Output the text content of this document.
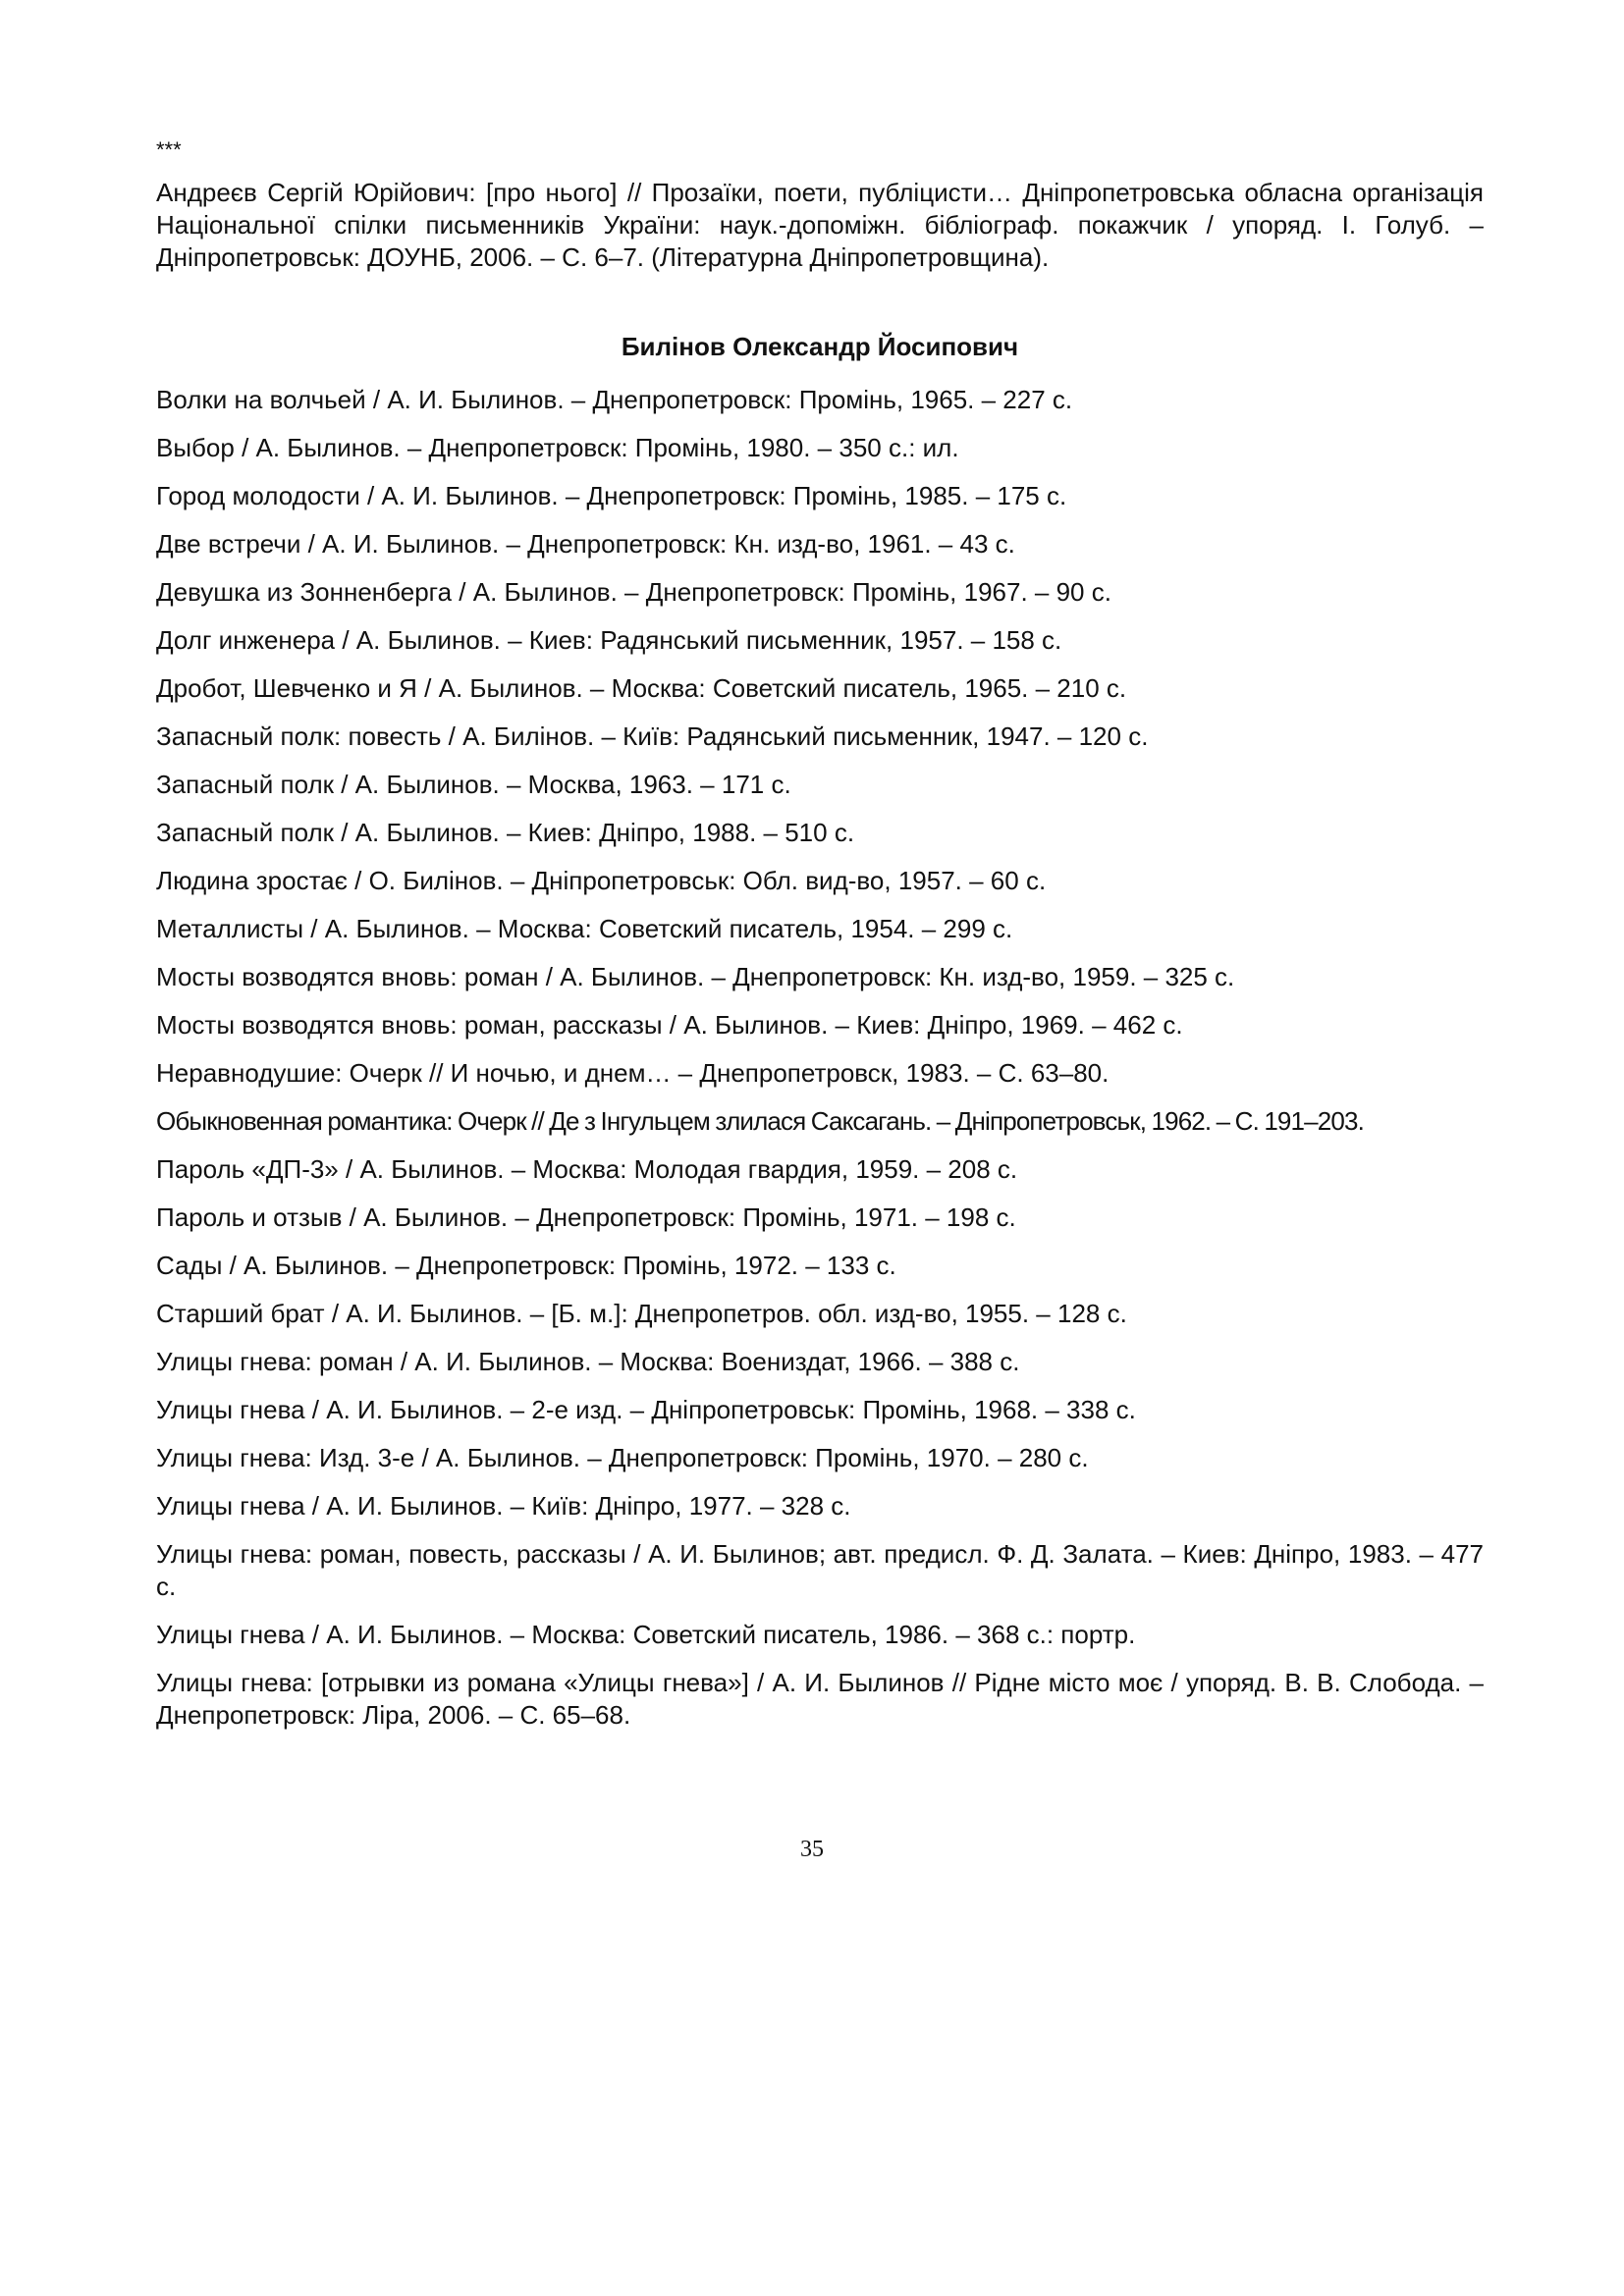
***

Андреєв Сергій Юрійович: [про нього] // Прозаїки, поети, публіцисти… Дніпропетровська обласна організація Національної спілки письменників України: наук.-допоміжн. бібліограф. покажчик / упоряд. І. Голуб. – Дніпропетровськ: ДОУНБ, 2006. – С. 6–7. (Літературна Дніпропетровщина).

Билінов Олександр Йосипович

Волки на волчьей / А. И. Былинов. – Днепропетровск: Промінь, 1965. – 227 с.

Выбор / А. Былинов. – Днепропетровск: Промінь, 1980. – 350 с.: ил.

Город молодости / А. И. Былинов. – Днепропетровск: Промінь, 1985. – 175 с.

Две встречи / А. И. Былинов. – Днепропетровск: Кн. изд-во, 1961. – 43 с.

Девушка из Зонненберга / А. Былинов. – Днепропетровск: Промінь, 1967. – 90 с.

Долг инженера / А. Былинов. – Киев: Радянський письменник, 1957. – 158 с.

Дробот, Шевченко и Я / А. Былинов. – Москва: Советский писатель, 1965. – 210 с.

Запасный полк: повесть / А. Билінов. – Київ: Радянський письменник, 1947. – 120 с.

Запасный полк / А. Былинов. – Москва, 1963. – 171 с.

Запасный полк / А. Былинов. – Киев: Дніпро, 1988. – 510 с.

Людина зростає / О. Билінов. – Дніпропетровськ: Обл. вид-во, 1957. – 60 с.

Металлисты / А. Былинов. – Москва: Советский писатель, 1954. – 299 с.

Мосты возводятся вновь: роман / А. Былинов. – Днепропетровск: Кн. изд-во, 1959. – 325 с.

Мосты возводятся вновь: роман, рассказы / А. Былинов. – Киев: Дніпро, 1969. – 462 с.

Неравнодушие: Очерк // И ночью, и днем… – Днепропетровск, 1983. – С. 63–80.

Обыкновенная романтика: Очерк // Де з Інгульцем злилася Саксагань. – Дніпропетровськ, 1962. – С. 191–203.

Пароль «ДП-3» / А. Былинов. – Москва: Молодая гвардия, 1959. – 208 с.

Пароль и отзыв / А. Былинов. – Днепропетровск: Промінь, 1971. – 198 с.

Сады / А. Былинов. – Днепропетровск: Промінь, 1972. – 133 с.

Старший брат / А. И. Былинов. – [Б. м.]: Днепропетров. обл. изд-во, 1955. – 128 с.

Улицы гнева: роман / А. И. Былинов. – Москва: Воениздат, 1966. – 388 с.

Улицы гнева / А. И. Былинов. – 2-е изд. – Дніпропетровськ: Промінь, 1968. – 338 с.

Улицы гнева: Изд. 3-е / А. Былинов. – Днепропетровск: Промінь, 1970. – 280 с.

Улицы гнева / А. И. Былинов. – Київ: Дніпро, 1977. – 328 с.

Улицы гнева: роман, повесть, рассказы / А. И. Былинов; авт. предисл. Ф. Д. Залата. – Киев: Дніпро, 1983. – 477 с.

Улицы гнева / А. И. Былинов. – Москва: Советский писатель, 1986. – 368 с.: портр.

Улицы гнева: [отрывки из романа «Улицы гнева»] / А. И. Былинов // Рідне місто моє / упоряд. В. В. Слобода. – Днепропетровск: Ліра, 2006. – С. 65–68.

35
